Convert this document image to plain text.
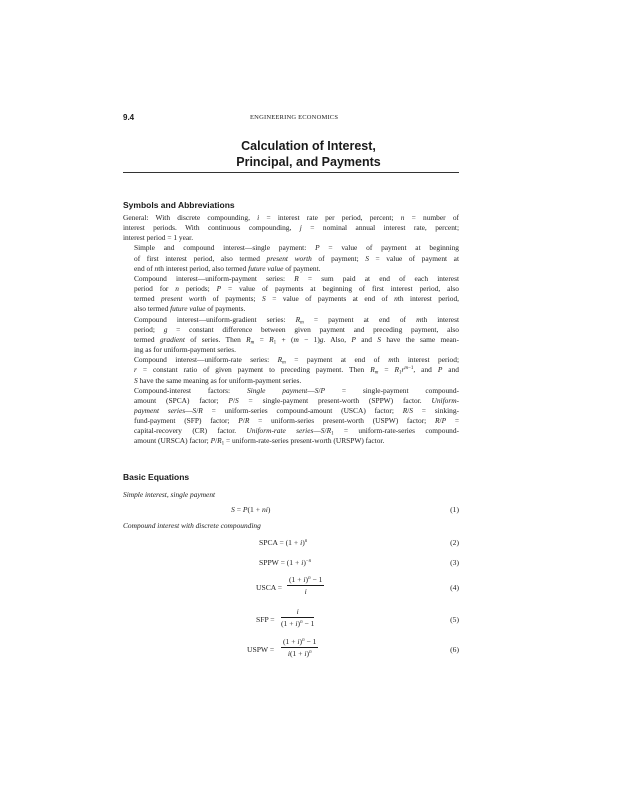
9.4	ENGINEERING ECONOMICS
Calculation of Interest,
Principal, and Payments
Symbols and Abbreviations

General: With discrete compounding, i = interest rate per period, percent; n = number of
interest periods. With continuous compounding, j = nominal annual interest rate, percent;
interest period = 1 year.

Simple and compound interest—single payment: P = value of payment at beginning
of first interest period, also termed present worth of payment; S = value of payment at
end of nth interest period, also termed future value of payment.

Compound interest—uniform-payment series: R = sum paid at end of each interest
period for n periods; P = value of payments at beginning of first interest period, also
termed present worth of payments; S = value of payments at end of nth interest period,
also termed future value of payments.

Compound interest—uniform-gradient series: $R_m$ = payment at end of mth interest
period; g = constant difference between given payment and preceding payment, also
termed gradient of series. Then $R_m = R_1 + (m - 1)g$. Also, P and S have the same mean-
ing as for uniform-payment series.

Compound interest—uniform-rate series: $R_m$ = payment at end of mth interest period;
r = constant ratio of given payment to preceding payment. Then $R_m = R_1r^{m-1}$, and P and
S have the same meaning as for uniform-payment series.

Compound-interest factors: Single payment—S/P = single-payment compound-
amount (SPCA) factor; P/S = single-payment present-worth (SPPW) factor. Uniform-
payment series—S/R = uniform-series compound-amount (USCA) factor; R/S = sinking-
fund-payment (SFP) factor; P/R = uniform-series present-worth (USPW) factor; R/P =
capital-recovery (CR) factor. Uniform-rate $series—S/R_1$ = uniform-rate-series compound-
amount (URSCA) factor; $P/R_1$ = uniform-rate-series present-worth (URSPW) factor.

Basic Equations
Simple interest, single payment
S = P(1 + ni)	(1)
Compound interest with discrete compounding
SPCA = $(1 + i)^n$	(2)
SPPW = $(1 + i)^{-n}$	(3)
USCA = $\frac{(1 + i)^n - 1}{i}$	(4)
SFP = $\frac{i}{(1 + i)^n - 1}$	(5)
USPW = $\frac{(1 + i)^n - 1}{i(1 + i)^n}$	(6)
